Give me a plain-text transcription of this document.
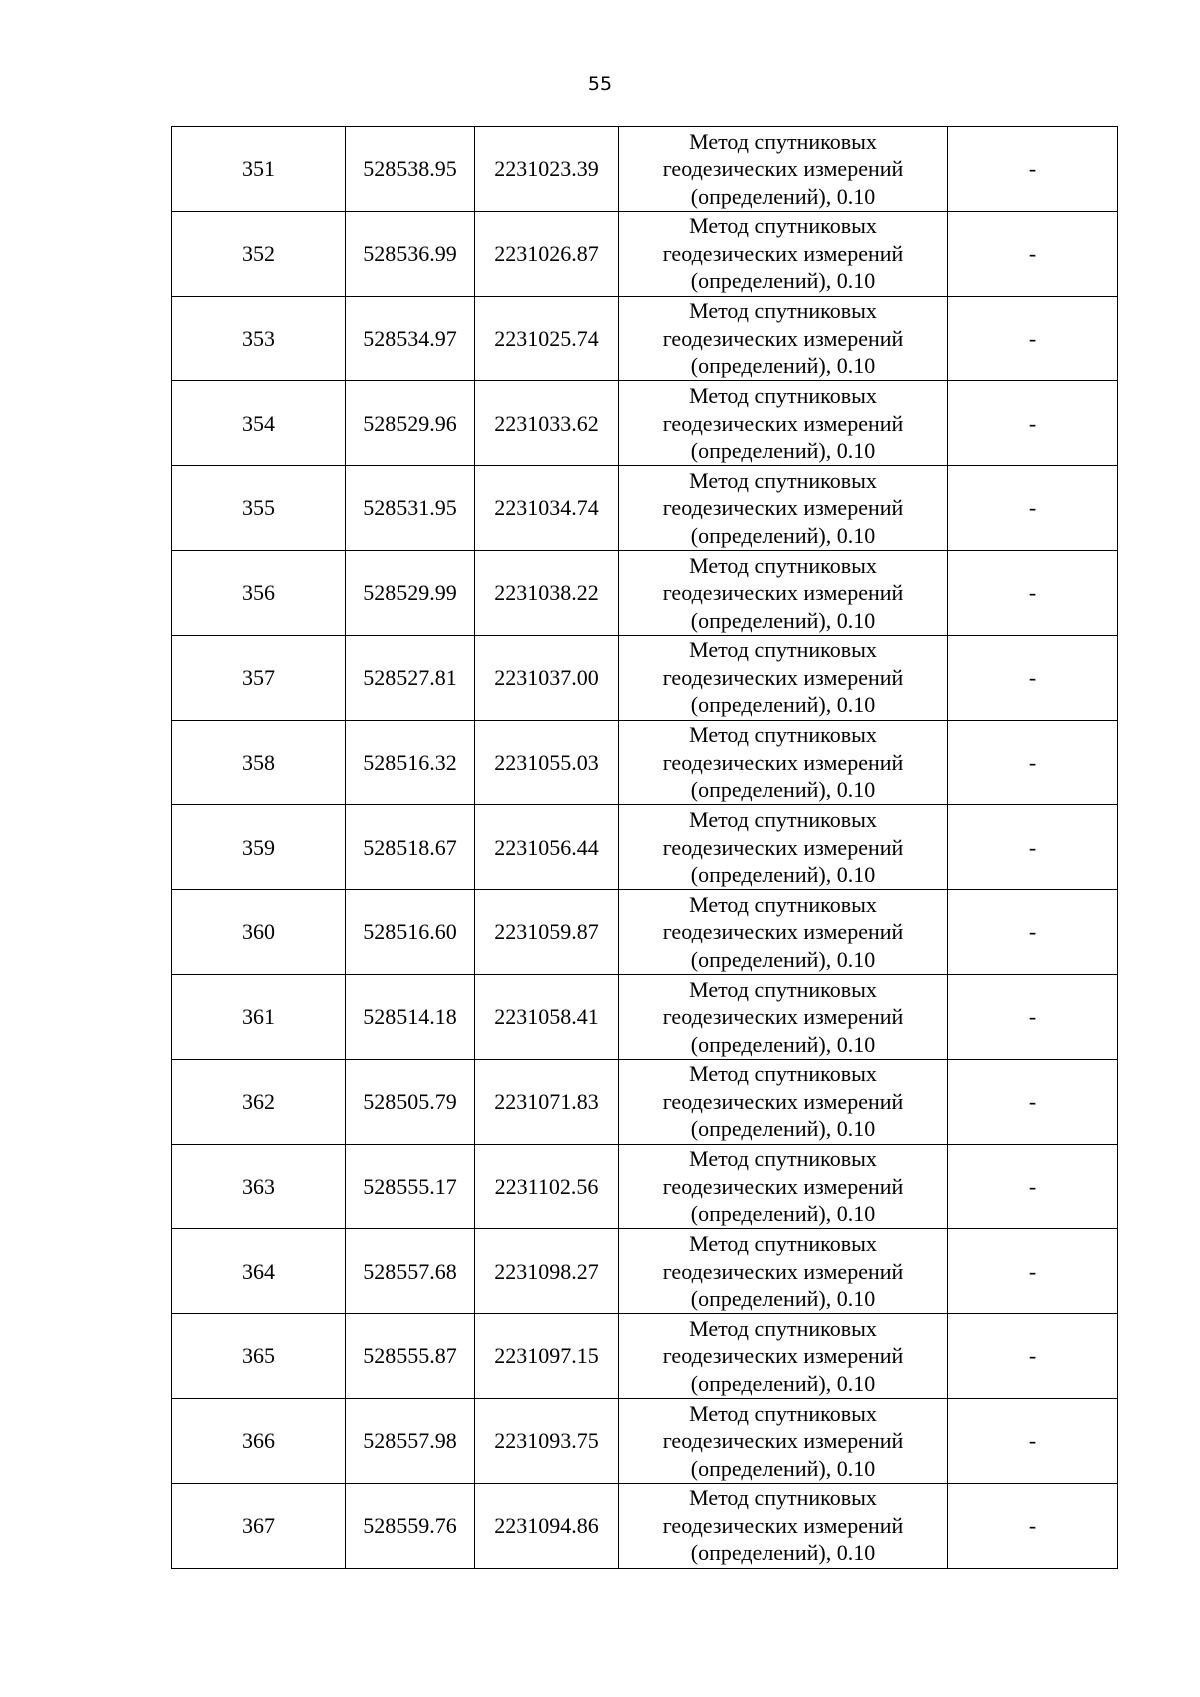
55
351	528538.95	2231023.39	Метод спутниковых
геодезических измерений
(определений), 0.10	-
352	528536.99	2231026.87	Метод спутниковых
геодезических измерений
(определений), 0.10	-
353	528534.97	2231025.74	Метод спутниковых
геодезических измерений
(определений), 0.10	-
354	528529.96	2231033.62	Метод спутниковых
геодезических измерений
(определений), 0.10	-
355	528531.95	2231034.74	Метод спутниковых
геодезических измерений
(определений), 0.10	-
356	528529.99	2231038.22	Метод спутниковых
геодезических измерений
(определений), 0.10	-
357	528527.81	2231037.00	Метод спутниковых
геодезических измерений
(определений), 0.10	-
358	528516.32	2231055.03	Метод спутниковых
геодезических измерений
(определений), 0.10	-
359	528518.67	2231056.44	Метод спутниковых
геодезических измерений
(определений), 0.10	-
360	528516.60	2231059.87	Метод спутниковых
геодезических измерений
(определений), 0.10	-
361	528514.18	2231058.41	Метод спутниковых
геодезических измерений
(определений), 0.10	-
362	528505.79	2231071.83	Метод спутниковых
геодезических измерений
(определений), 0.10	-
363	528555.17	2231102.56	Метод спутниковых
геодезических измерений
(определений), 0.10	-
364	528557.68	2231098.27	Метод спутниковых
геодезических измерений
(определений), 0.10	-
365	528555.87	2231097.15	Метод спутниковых
геодезических измерений
(определений), 0.10	-
366	528557.98	2231093.75	Метод спутниковых
геодезических измерений
(определений), 0.10	-
367	528559.76	2231094.86	Метод спутниковых
геодезических измерений
(определений), 0.10	-
